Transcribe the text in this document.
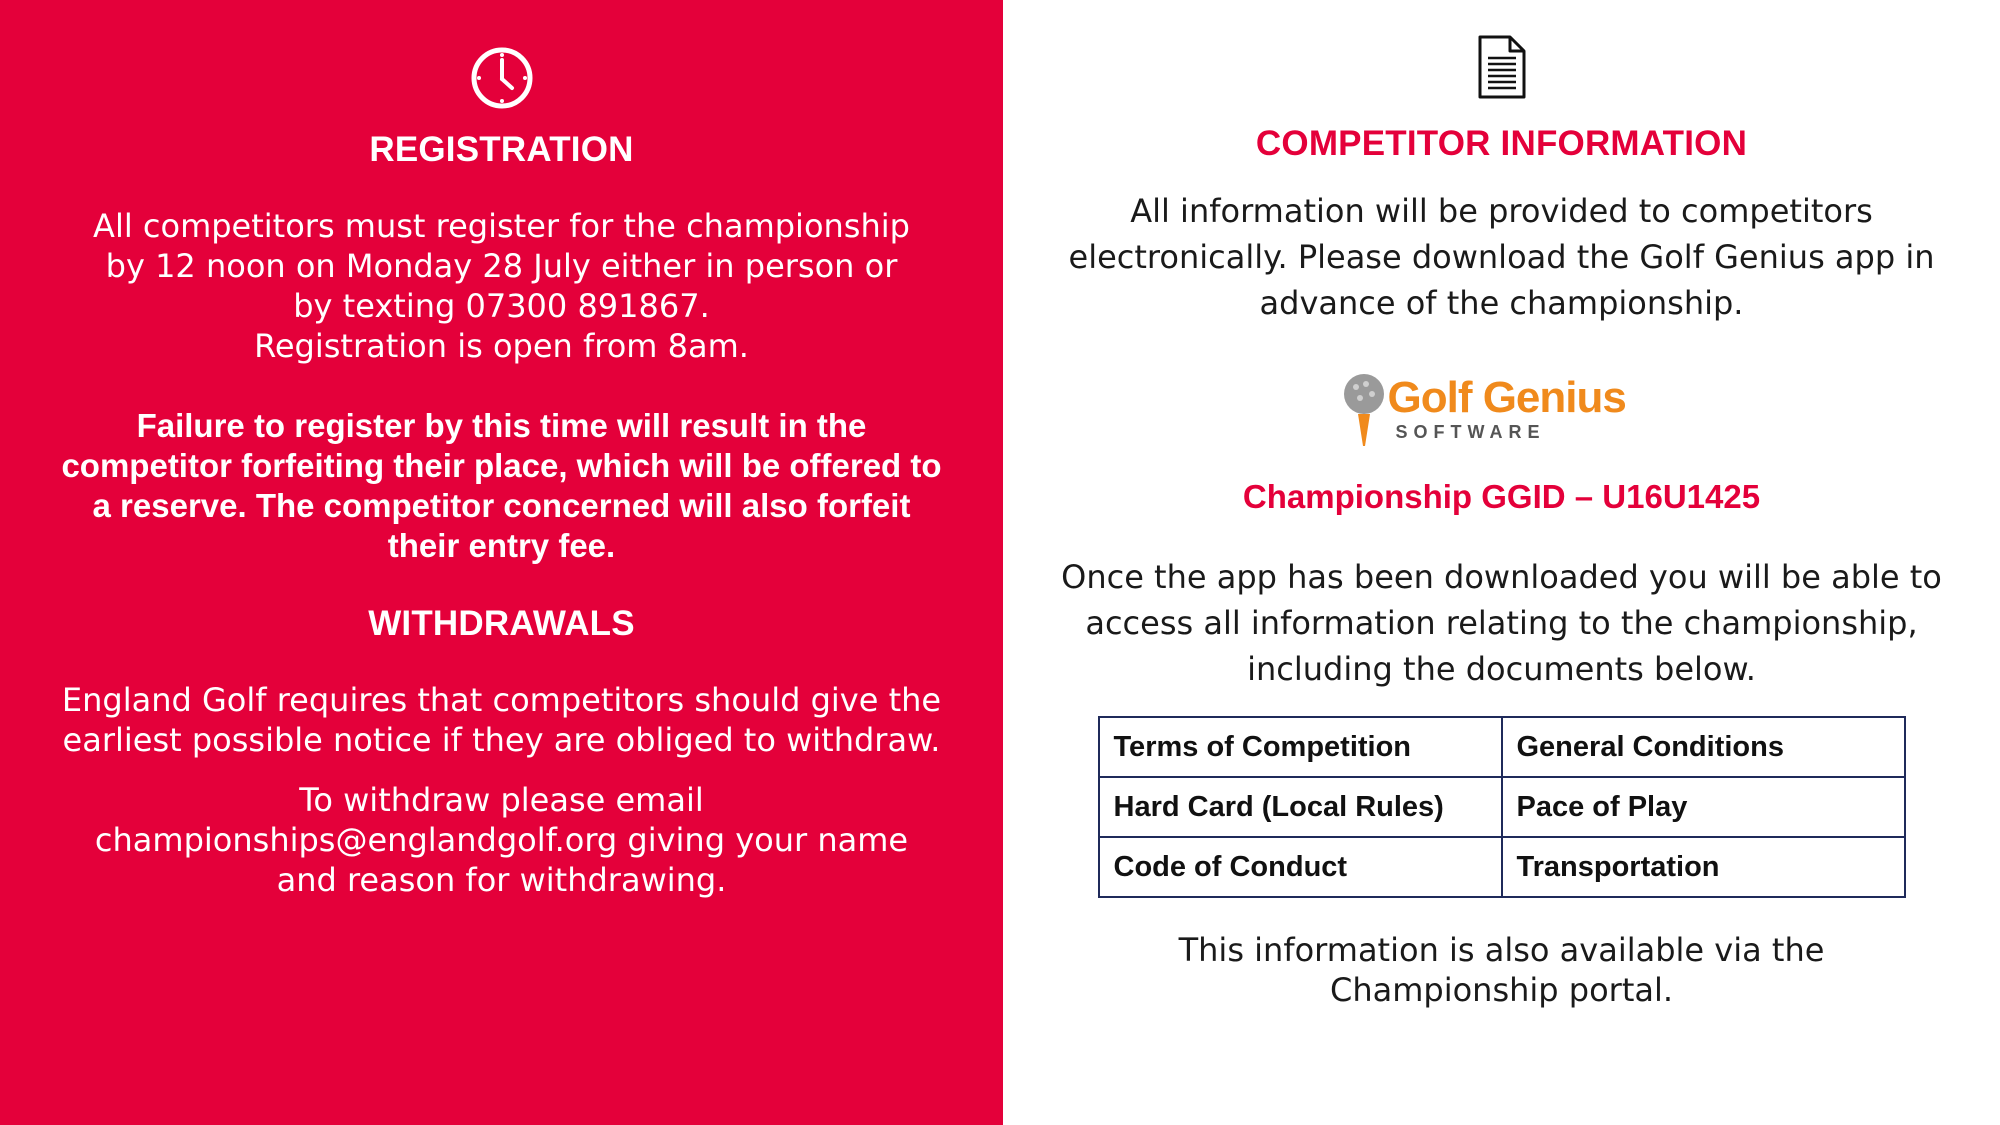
REGISTRATION

All competitors must register for the championship

by 12 noon on Monday 28 July either in person or

by texting 07300 891867.

Registration is open from 8am.

Failure to register by this time will result in the competitor forfeiting their place, which will be offered to a reserve. The competitor concerned will also forfeit their entry fee.

WITHDRAWALS

England Golf requires that competitors should give the earliest possible notice if they are obliged to withdraw.

To withdraw please email championships@englandgolf.org giving your name and reason for withdrawing.

COMPETITOR INFORMATION

All information will be provided to competitors electronically. Please download the Golf Genius app in advance of the championship.

Golf Genius
SOFTWARE
Championship GGID – U16U1425

Once the app has been downloaded you will be able to access all information relating to the championship, including the documents below.

Terms of Competition	General Conditions
Hard Card (Local Rules)	Pace of Play
Code of Conduct	Transportation

This information is also available via the Championship portal.
